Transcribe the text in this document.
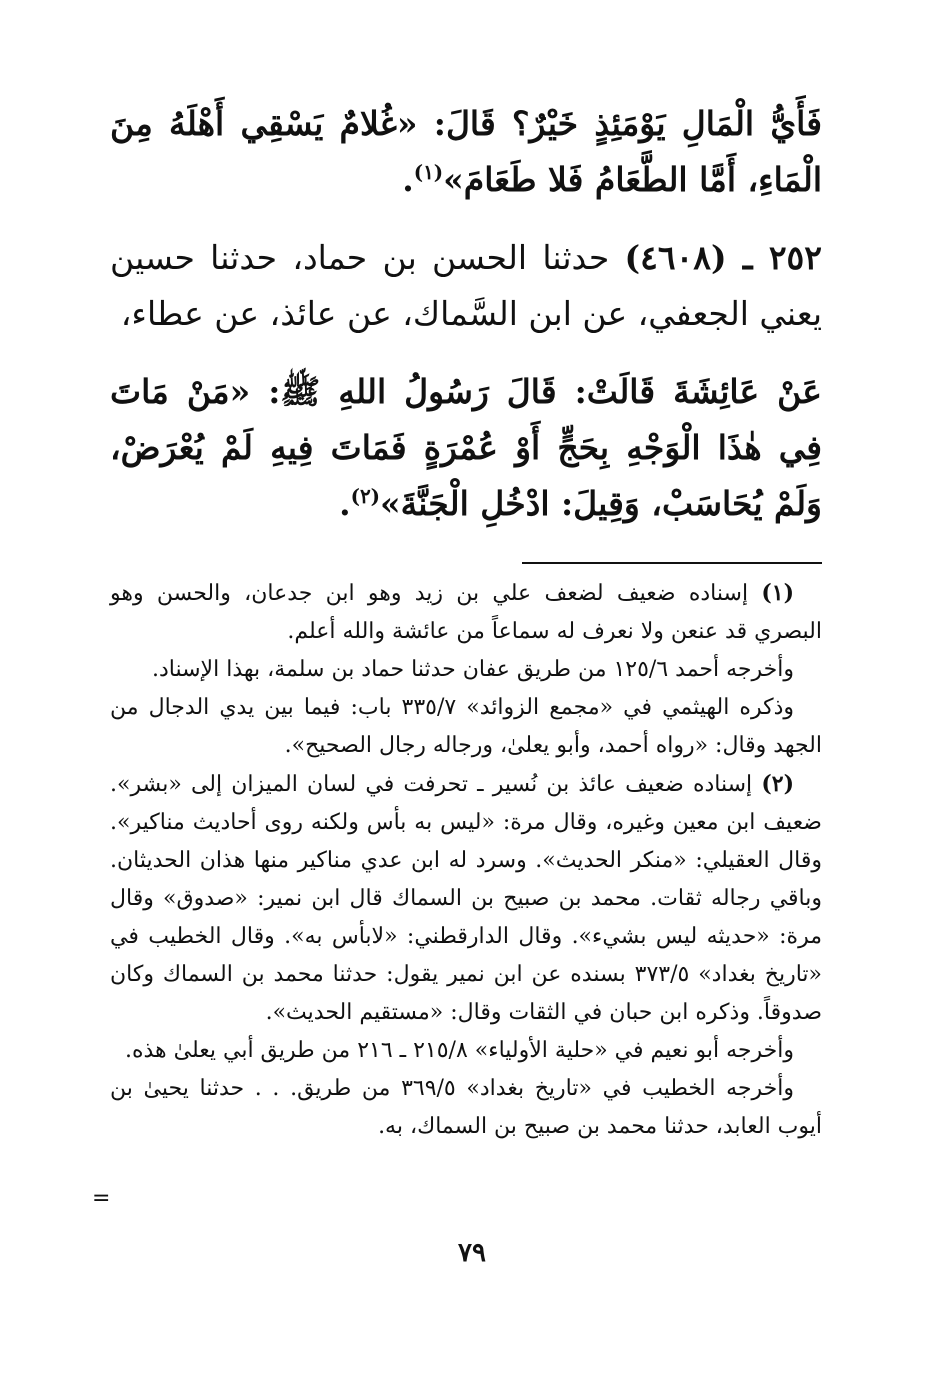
فَأَيُّ الْمَالِ يَوْمَئِذٍ خَيْرٌ؟ قَالَ: «غُلامٌ يَسْقِي أَهْلَهُ مِنَ الْمَاءِ، أَمَّا الطَّعَامُ فَلا طَعَامَ»$^{(١)}$.

٢٥٢ ـ (٤٦٠٨) حدثنا الحسن بن حماد، حدثنا حسين يعني الجعفي، عن ابن السَّماك، عن عائذ، عن عطاء،

عَنْ عَائِشَةَ قَالَتْ: قَالَ رَسُولُ اللهِ ﷺ: «مَنْ مَاتَ فِي هٰذَا الْوَجْهِ بِحَجٍّ أَوْ عُمْرَةٍ فَمَاتَ فِيهِ لَمْ يُعْرَضْ، وَلَمْ يُحَاسَبْ، وَقِيلَ: ادْخُلِ الْجَنَّةَ»$^{(٢)}$.

(١) إسناده ضعيف لضعف علي بن زيد وهو ابن جدعان، والحسن وهو البصري قد عنعن ولا نعرف له سماعاً من عائشة والله أعلم.

وأخرجه أحمد ١٢٥/٦ من طريق عفان حدثنا حماد بن سلمة، بهذا الإسناد.

وذكره الهيثمي في «مجمع الزوائد» ٣٣٥/٧ باب: فيما بين يدي الدجال من الجهد وقال: «رواه أحمد، وأبو يعلىٰ، ورجاله رجال الصحيح».

(٢) إسناده ضعيف عائذ بن نُسير ـ تحرفت في لسان الميزان إلى «بشر». ضعيف ابن معين وغيره، وقال مرة: «ليس به بأس ولكنه روى أحاديث مناكير». وقال العقيلي: «منكر الحديث». وسرد له ابن عدي مناكير منها هذان الحديثان. وباقي رجاله ثقات. محمد بن صبيح بن السماك قال ابن نمير: «صدوق» وقال مرة: «حديثه ليس بشيء». وقال الدارقطني: «لابأس به». وقال الخطيب في «تاريخ بغداد» ٣٧٣/٥ بسنده عن ابن نمير يقول: حدثنا محمد بن السماك وكان صدوقاً. وذكره ابن حبان في الثقات وقال: «مستقيم الحديث».

وأخرجه أبو نعيم في «حلية الأولياء» ٢١٥/٨ ـ ٢١٦ من طريق أبي يعلىٰ هذه.

وأخرجه الخطيب في «تاريخ بغداد» ٣٦٩/٥ من طريق. . . حدثنا يحيىٰ بن أيوب العابد، حدثنا محمد بن صبيح بن السماك، به.

=
٧٩
